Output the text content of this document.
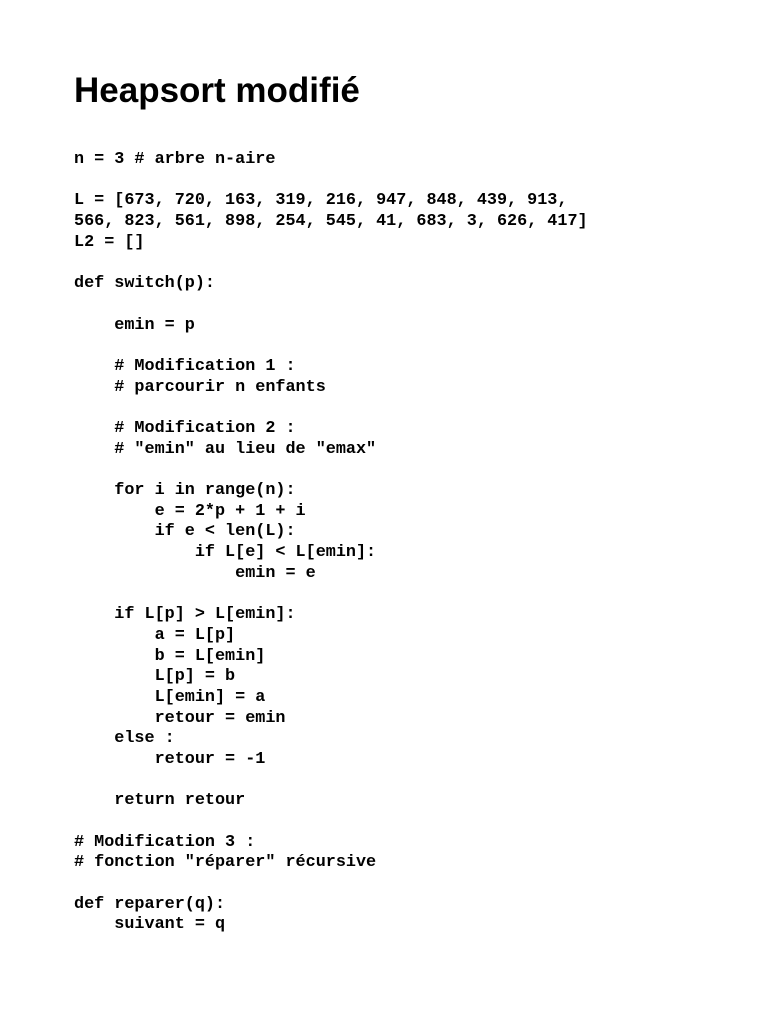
Heapsort modifié
n = 3 # arbre n-aire
L = [673, 720, 163, 319, 216, 947, 848, 439, 913,
566, 823, 561, 898, 254, 545, 41, 683, 3, 626, 417]
L2 = []
def switch(p):
emin = p
# Modification 1 :
# parcourir n enfants
# Modification 2 :
# "emin" au lieu de "emax"
for i in range(n):
e = 2*p + 1 + i
if e < len(L):
if L[e] < L[emin]:
emin = e
if L[p] > L[emin]:
a = L[p]
b = L[emin]
L[p] = b
L[emin] = a
retour = emin
else :
retour = -1
return retour
# Modification 3 :
# fonction "réparer" récursive
def reparer(q):
suivant = q
